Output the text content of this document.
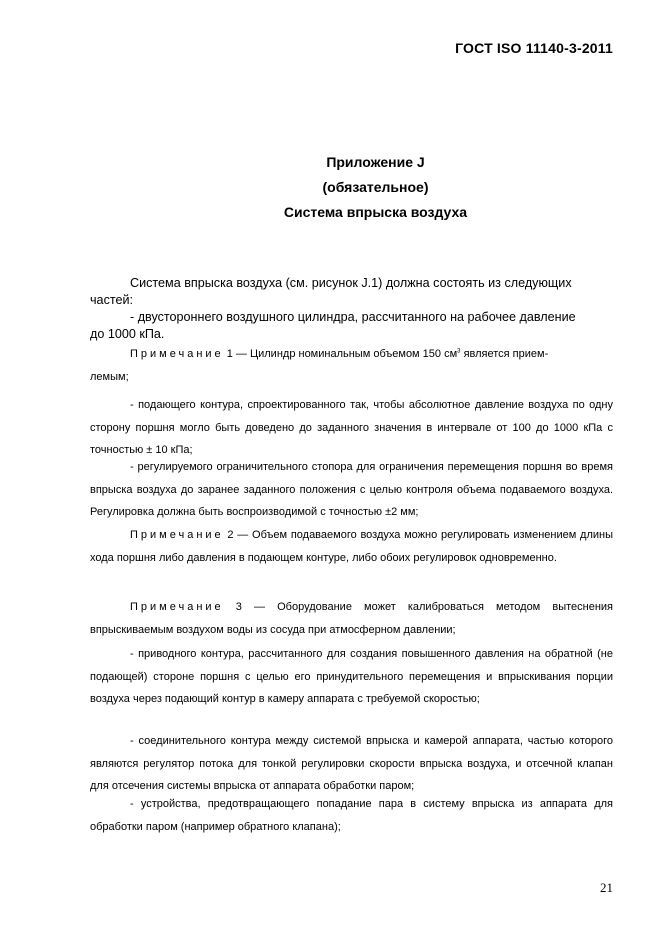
ГОСТ ISO 11140-3-2011
Приложение J
(обязательное)
Система впрыска воздуха
Система впрыска воздуха (см. рисунок J.1) должна состоять из следующих
частей:
- двустороннего воздушного цилиндра, рассчитанного на рабочее давление
до 1000 кПа.
Примечание 1 — Цилиндр номинальным объемом 150 $см^3$ является прием-
лемым;
- подающего контура, спроектированного так, чтобы абсолютное давление воздуха по одну сторону поршня могло быть доведено до заданного значения в интервале от 100 до 1000 кПа с точностью ± 10 кПа;
- регулируемого ограничительного стопора для ограничения перемещения поршня во время впрыска воздуха до заранее заданного положения с целью контроля объема подаваемого воздуха. Регулировка должна быть воспроизводимой с точностью ±2 мм;
Примечание 2 — Объем подаваемого воздуха можно регулировать изменением длины хода поршня либо давления в подающем контуре, либо обоих регулировок одновременно.
Примечание 3 — Оборудование может калиброваться методом вытеснения впрыскиваемым воздухом воды из сосуда при атмосферном давлении;
- приводного контура, рассчитанного для создания повышенного давления на обратной (не подающей) стороне поршня с целью его принудительного перемещения и впрыскивания порции воздуха через подающий контур в камеру аппарата с требуемой скоростью;
- соединительного контура между системой впрыска и камерой аппарата, частью которого являются регулятор потока для тонкой регулировки скорости впрыска воздуха, и отсечной клапан для отсечения системы впрыска от аппарата обработки паром;
- устройства, предотвращающего попадание пара в систему впрыска из аппарата для обработки паром (например обратного клапана);
21
